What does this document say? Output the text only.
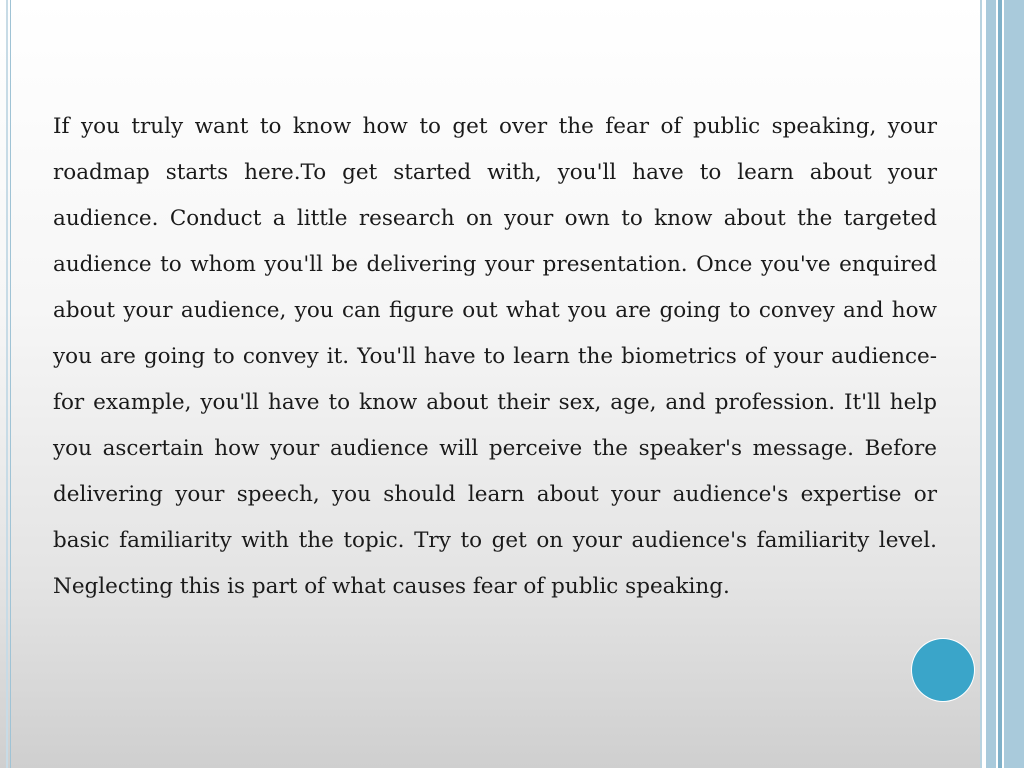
If you truly want to know how to get over the fear of public speaking, your roadmap starts here.To get started with, you'll have to learn about your audience. Conduct a little research on your own to know about the targeted audience to whom you'll be delivering your presentation. Once you've enquired about your audience, you can figure out what you are going to convey and how you are going to convey it. You'll have to learn the biometrics of your audience- for example, you'll have to know about their sex, age, and profession. It'll help you ascertain how your audience will perceive the speaker's message. Before delivering your speech, you should learn about your audience's expertise or basic familiarity with the topic. Try to get on your audience's familiarity level. Neglecting this is part of what causes fear of public speaking.
